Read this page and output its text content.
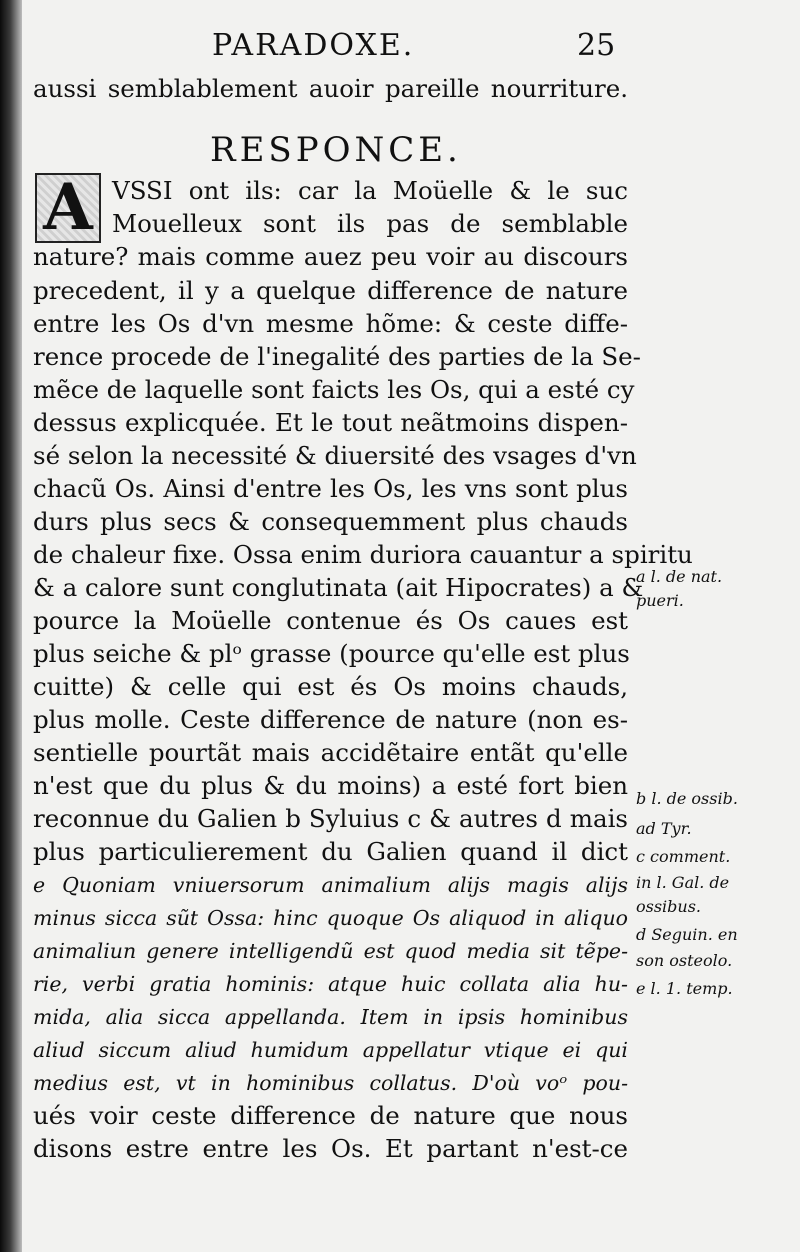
PARADOXE.	25
aussi semblablement auoir pareille nourriture.
RESPONCE.
A VSSI ont ils: car la Moüelle & le suc
Mouelleux sont ils pas de semblable
nature? mais comme auez peu voir au discours
precedent, il y a quelque difference de nature
entre les Os d'vn mesme hõme: & ceste diffe-
rence procede de l'inegalité des parties de la Se-
mẽce de laquelle sont faicts les Os, qui a esté cy
dessus explicquée. Et le tout neãtmoins dispen-
sé selon la necessité & diuersité des vsages d'vn
chacũ Os. Ainsi d'entre les Os, les vns sont plus
durs plus secs & consequemment plus chauds
de chaleur fixe. Ossa enim duriora cauantur a spiritu
& a calore sunt conglutinata (ait Hipocrates) a &
pource la Moüelle contenue és Os caues est
plus seiche & plᵒ grasse (pource qu'elle est plus
cuitte) & celle qui est és Os moins chauds,
plus molle. Ceste difference de nature (non es-
sentielle pourtãt mais accidẽtaire entãt qu'elle
n'est que du plus & du moins) a esté fort bien
reconnue du Galien b Syluius c & autres d mais
plus particulierement du Galien quand il dict
e Quoniam vniuersorum animalium alijs magis alijs
minus sicca sũt Ossa: hinc quoque Os aliquod in aliquo
animaliun genere intelligendũ est quod media sit tẽpe-
rie, verbi gratia hominis: atque huic collata alia hu-
mida, alia sicca appellanda. Item in ipsis hominibus
aliud siccum aliud humidum appellatur vtique ei qui
medius est, vt in hominibus collatus. D'où voᵒ pou-
ués voir ceste difference de nature que nous
disons estre entre les Os. Et partant n'est-ce
a l. de nat.
pueri.
b l. de ossib.
ad Tyr.
c comment.
in l. Gal. de
ossibus.
d Seguin. en
son osteolo.
e l. 1. temp.
